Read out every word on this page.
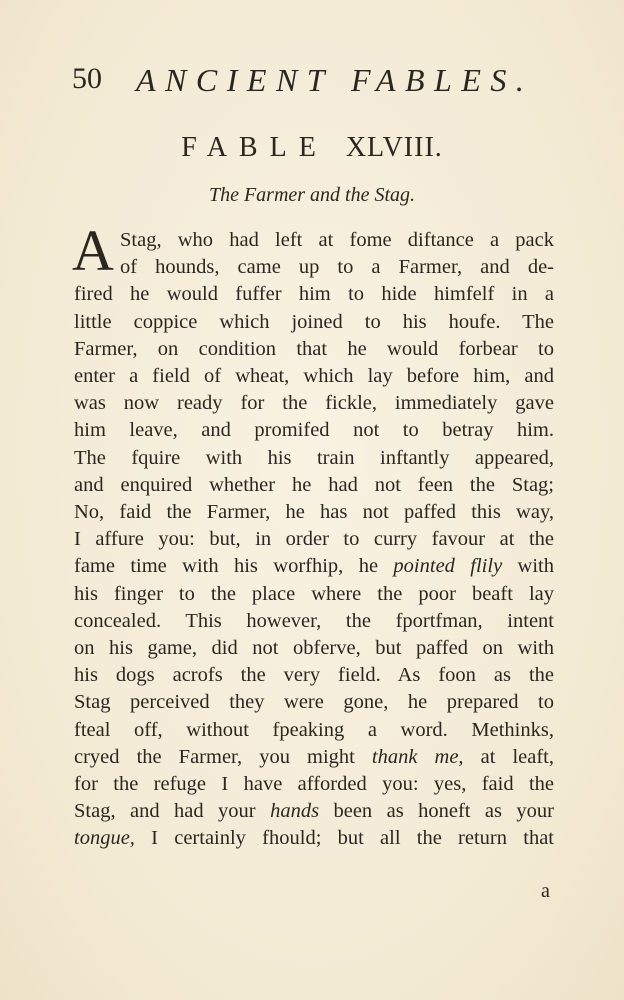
50 ANCIENT FABLES.
FABLE XLVIII.
The Farmer and the Stag.
A Stag, who had left at fome diftance a pack
of hounds, came up to a Farmer, and de-
fired he would fuffer him to hide himfelf in a
little coppice which joined to his houfe. The
Farmer, on condition that he would forbear to
enter a field of wheat, which lay before him, and
was now ready for the fickle, immediately gave
him leave, and promifed not to betray him.
The fquire with his train inftantly appeared,
and enquired whether he had not feen the Stag;
No, faid the Farmer, he has not paffed this way,
I affure you: but, in order to curry favour at the
fame time with his worfhip, he pointed flily with
his finger to the place where the poor beaft lay
concealed. This however, the fportfman, intent
on his game, did not obferve, but paffed on with
his dogs acrofs the very field. As foon as the
Stag perceived they were gone, he prepared to
fteal off, without fpeaking a word. Methinks,
cryed the Farmer, you might thank me, at leaft,
for the refuge I have afforded you: yes, faid the
Stag, and had your hands been as honeft as your
tongue, I certainly fhould; but all the return that
a
